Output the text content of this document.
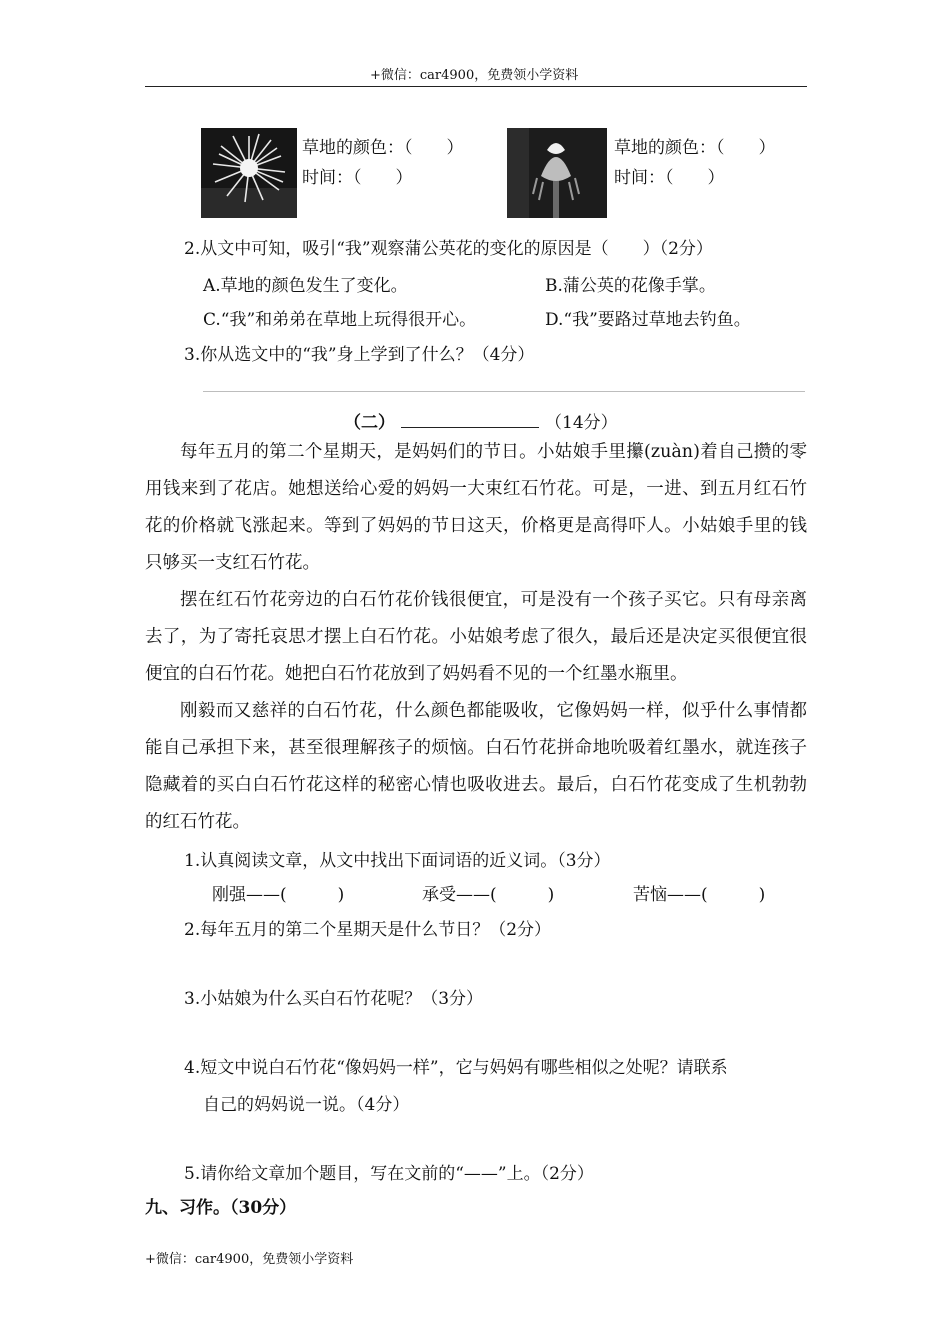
+微信：car4900，免费领小学资料
草地的颜色：（　　）
时间：（　　）
草地的颜色：（　　）
时间：（　　）
2.从文中可知，吸引“我”观察蒲公英花的变化的原因是（　　）（2分）
A.草地的颜色发生了变化。	B.蒲公英的花像手掌。
C.“我”和弟弟在草地上玩得很开心。	D.“我”要路过草地去钓鱼。
3.你从选文中的“我”身上学到了什么？（4分）
（二）	（14分）

每年五月的第二个星期天，是妈妈们的节日。小姑娘手里攥(zuàn)着自己攒的零用钱来到了花店。她想送给心爱的妈妈一大束红石竹花。可是，一进、到五月红石竹花的价格就飞涨起来。等到了妈妈的节日这天，价格更是高得吓人。小姑娘手里的钱只够买一支红石竹花。

摆在红石竹花旁边的白石竹花价钱很便宜，可是没有一个孩子买它。只有母亲离去了，为了寄托哀思才摆上白石竹花。小姑娘考虑了很久，最后还是决定买很便宜很便宜的白石竹花。她把白石竹花放到了妈妈看不见的一个红墨水瓶里。

刚毅而又慈祥的白石竹花，什么颜色都能吸收，它像妈妈一样，似乎什么事情都能自己承担下来，甚至很理解孩子的烦恼。白石竹花拼命地吮吸着红墨水，就连孩子隐藏着的买白白石竹花这样的秘密心情也吸收进去。最后，白石竹花变成了生机勃勃的红石竹花。

1.认真阅读文章，从文中找出下面词语的近义词。（3分）
刚强——(　　　)	承受——(　　　)	苦恼——(　　　)
2.每年五月的第二个星期天是什么节日？（2分）
3.小姑娘为什么买白石竹花呢？（3分）
4.短文中说白石竹花“像妈妈一样”，它与妈妈有哪些相似之处呢？请联系
自己的妈妈说一说。（4分）
5.请你给文章加个题目，写在文前的“——”上。（2分）
九、习作。（30分）
+微信：car4900，免费领小学资料
